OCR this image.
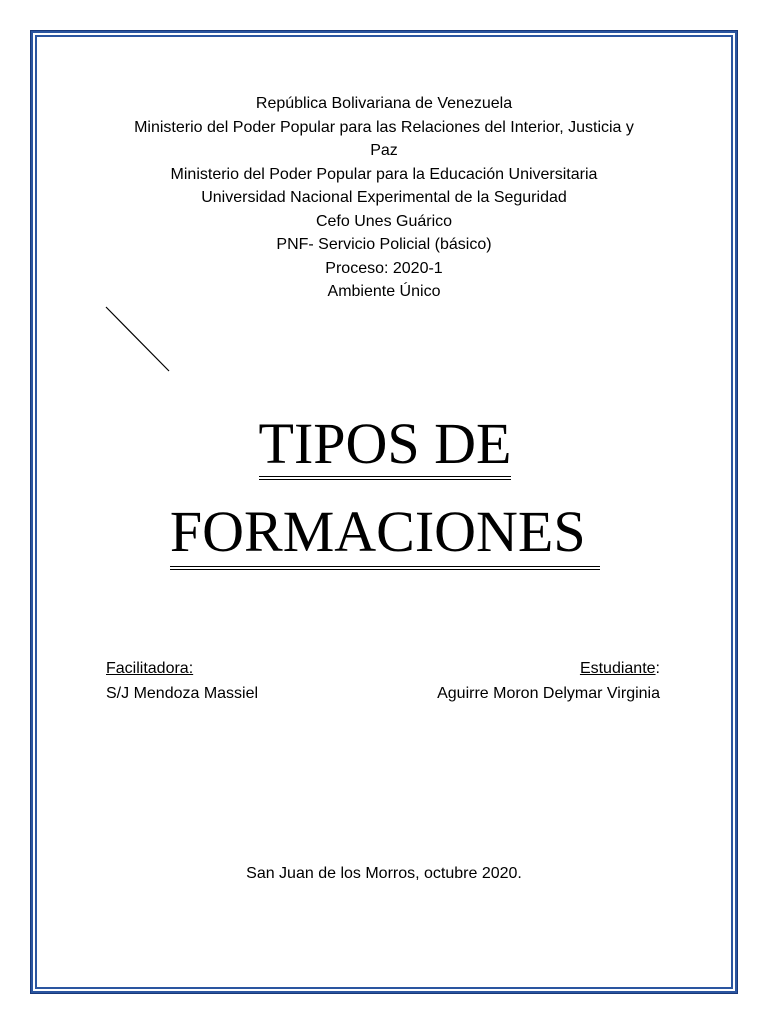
República Bolivariana de Venezuela
Ministerio del Poder Popular para las Relaciones del Interior, Justicia y
Paz
Ministerio del Poder Popular para la Educación Universitaria
Universidad Nacional Experimental de la Seguridad
Cefo Unes Guárico
PNF- Servicio Policial (básico)
Proceso: 2020-1
Ambiente Único
TIPOS DE
FORMACIONES
Facilitadora:
S/J Mendoza Massiel
Estudiante:
Aguirre Moron Delymar Virginia
San Juan de los Morros, octubre 2020.
